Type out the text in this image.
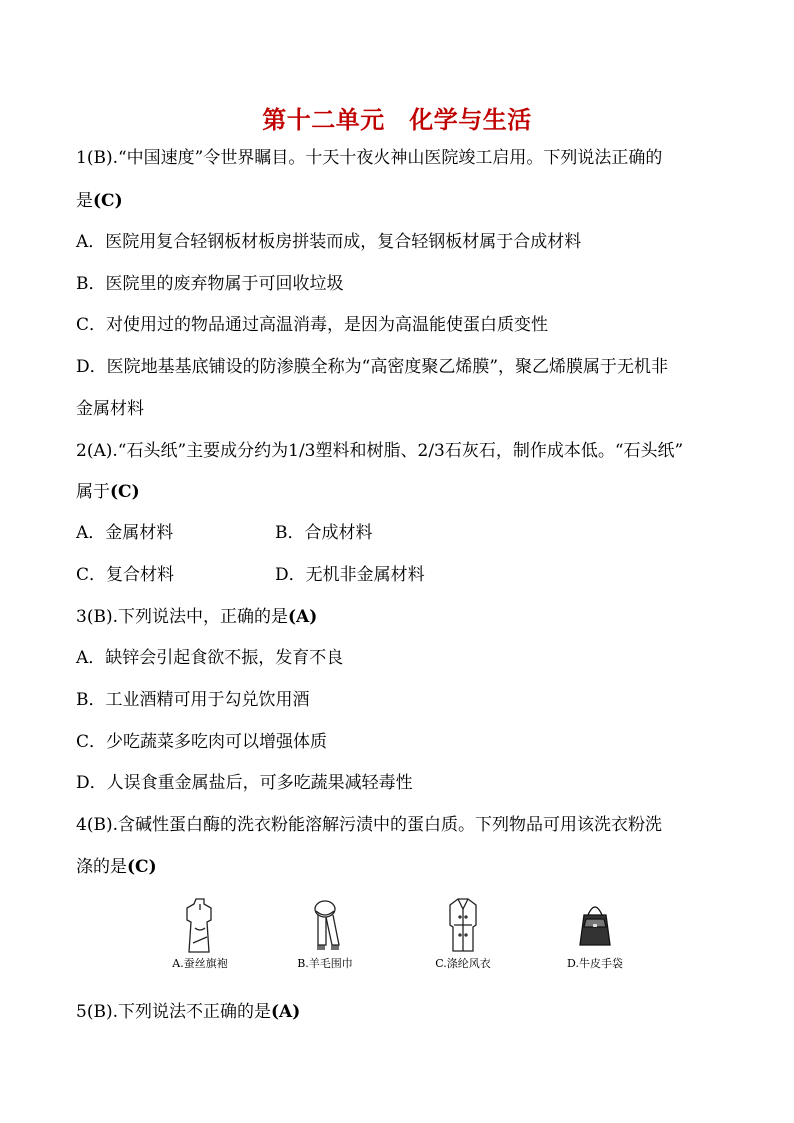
第十二单元　化学与生活
1(B).“中国速度”令世界瞩目。十天十夜火神山医院竣工启用。下列说法正确的
是(C)
A．医院用复合轻钢板材板房拼装而成，复合轻钢板材属于合成材料
B．医院里的废弃物属于可回收垃圾
C．对使用过的物品通过高温消毒，是因为高温能使蛋白质变性
D．医院地基基底铺设的防渗膜全称为“高密度聚乙烯膜”，聚乙烯膜属于无机非
金属材料
2(A).“石头纸”主要成分约为1/3塑料和树脂、2/3石灰石，制作成本低。“石头纸”
属于(C)
A．金属材料	B．合成材料
C．复合材料	D．无机非金属材料
3(B).下列说法中，正确的是(A)
A．缺锌会引起食欲不振，发育不良
B．工业酒精可用于勾兑饮用酒
C．少吃蔬菜多吃肉可以增强体质
D．人误食重金属盐后，可多吃蔬果减轻毒性
4(B).含碱性蛋白酶的洗衣粉能溶解污渍中的蛋白质。下列物品可用该洗衣粉洗
涤的是(C)
A.蚕丝旗袍	B.羊毛围巾	C.涤纶风衣	D.牛皮手袋
5(B).下列说法不正确的是(A)
